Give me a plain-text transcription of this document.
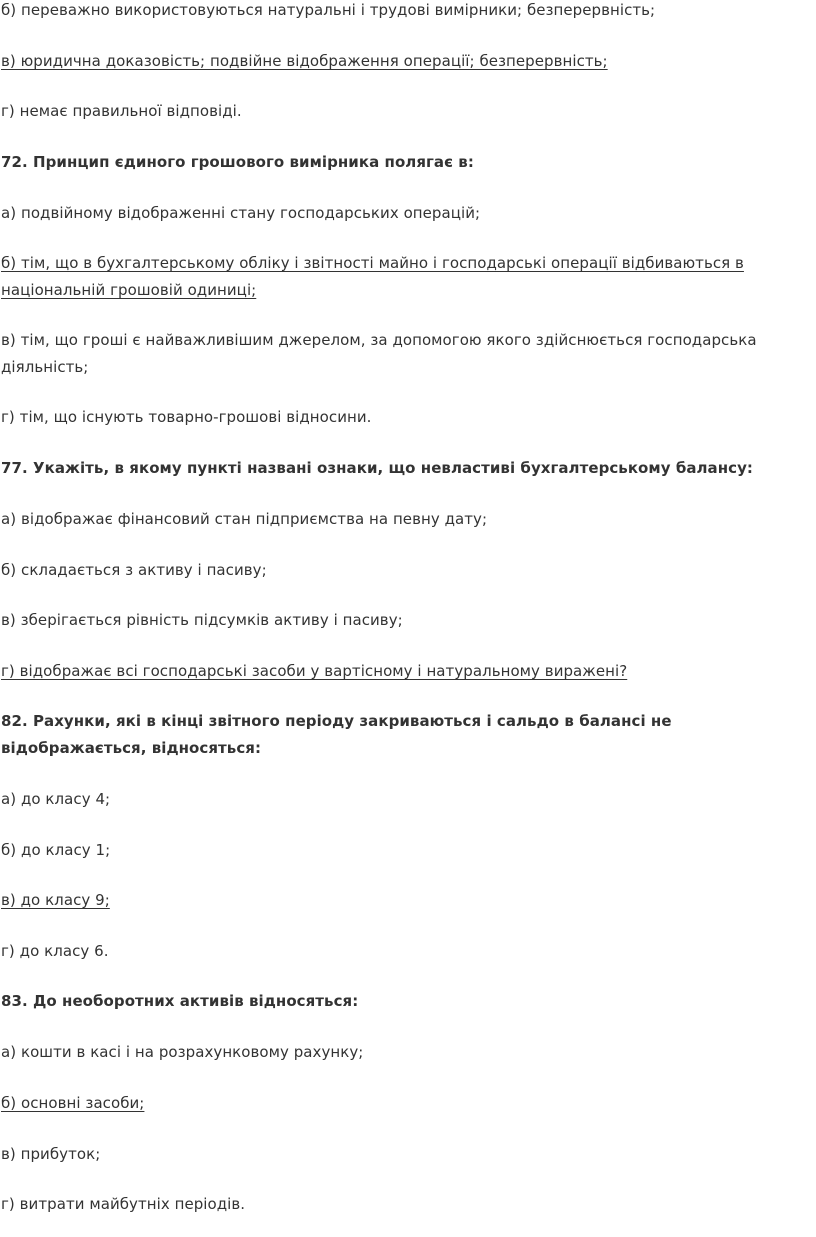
б) переважно використовуються натуральні і трудові вимірники; безперервність;
в) юридична доказовість; подвійне відображення операції; безперервність;
г) немає правильної відповіді.
72. Принцип єдиного грошового вимірника полягає в:
а) подвійному відображенні стану господарських операцій;
б) тім, що в бухгалтерському обліку і звітності майно і господарські операції відбиваються в
національній грошовій одиниці;
в) тім, що гроші є найважливішим джерелом, за допомогою якого здійснюється господарська
діяльність;
г) тім, що існують товарно-грошові відносини.
77. Укажіть, в якому пункті названі ознаки, що невластиві бухгалтерському балансу:
а) відображає фінансовий стан підприємства на певну дату;
б) складається з активу і пасиву;
в) зберігається рівність підсумків активу і пасиву;
г) відображає всі господарські засоби у вартісному і натуральному виражені?
82. Рахунки, які в кінці звітного періоду закриваються і сальдо в балансі не
відображається, відносяться:
а) до класу 4;
б) до класу 1;
в) до класу 9;
г) до класу 6.
83. До необоротних активів відносяться:
а) кошти в касі і на розрахунковому рахунку;
б) основні засоби;
в) прибуток;
г) витрати майбутніх періодів.
